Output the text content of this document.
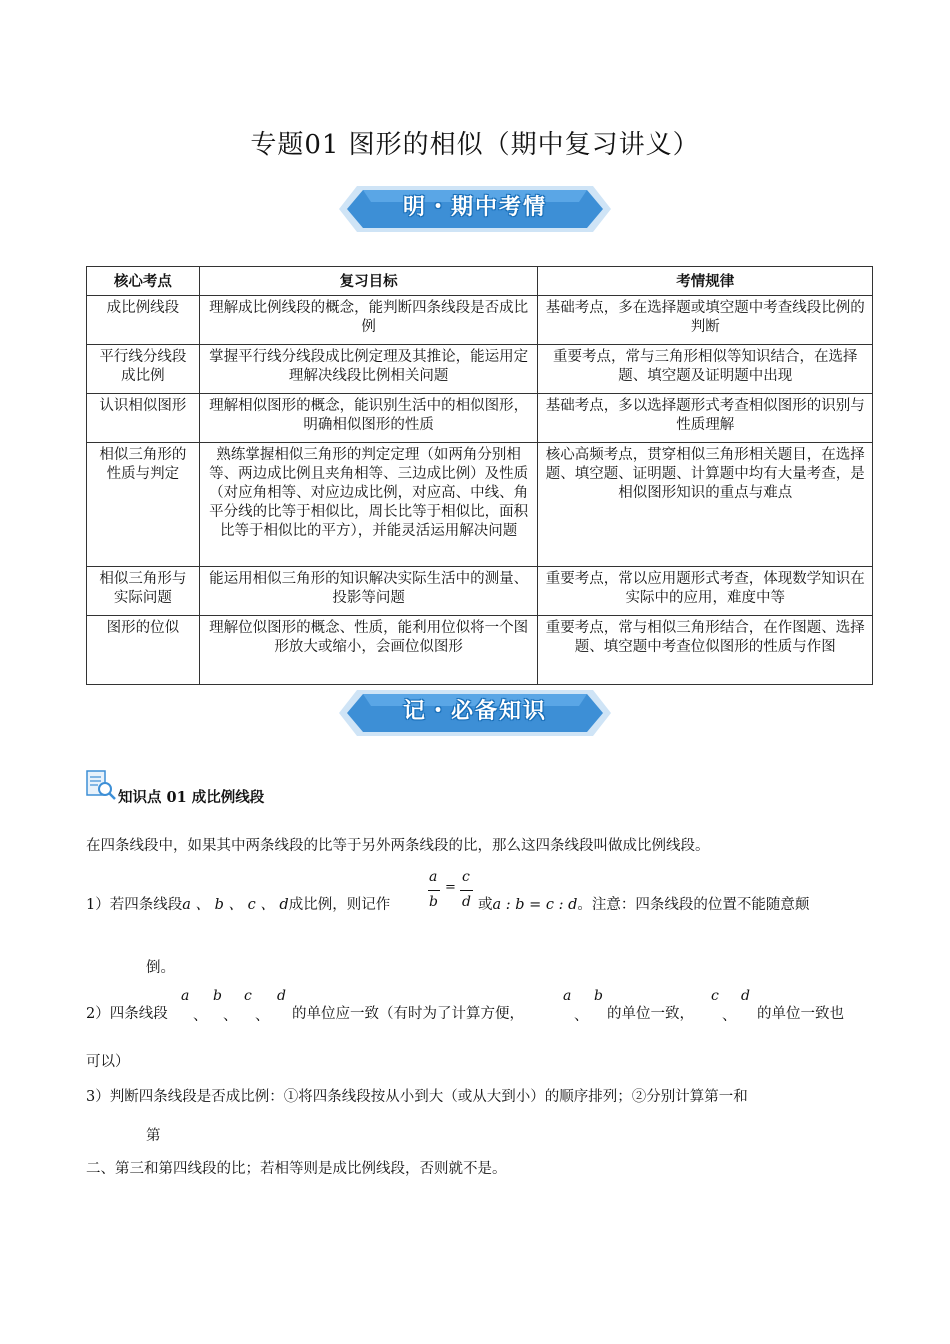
专题01 图形的相似（期中复习讲义）
明・期中考情
核心考点	复习目标	考情规律
成比例线段	理解成比例线段的概念，能判断四条线段是否成比例	基础考点，多在选择题或填空题中考查线段比例的判断
平行线分线段成比例	掌握平行线分线段成比例定理及其推论，能运用定理解决线段比例相关问题	重要考点，常与三角形相似等知识结合，在选择题、填空题及证明题中出现
认识相似图形	理解相似图形的概念，能识别生活中的相似图形，明确相似图形的性质	基础考点，多以选择题形式考查相似图形的识别与性质理解
相似三角形的性质与判定	熟练掌握相似三角形的判定定理（如两角分别相等、两边成比例且夹角相等、三边成比例）及性质（对应角相等、对应边成比例，对应高、中线、角平分线的比等于相似比，周长比等于相似比，面积比等于相似比的平方），并能灵活运用解决问题	核心高频考点，贯穿相似三角形相关题目，在选择题、填空题、证明题、计算题中均有大量考查，是相似图形知识的重点与难点
相似三角形与实际问题	能运用相似三角形的知识解决实际生活中的测量、投影等问题	重要考点，常以应用题形式考查，体现数学知识在实际中的应用，难度中等
图形的位似	理解位似图形的概念、性质，能利用位似将一个图形放大或缩小，会画位似图形	重要考点，常与相似三角形结合，在作图题、选择题、填空题中考查位似图形的性质与作图
记・必备知识
知识点 01 成比例线段
在四条线段中，如果其中两条线段的比等于另外两条线段的比，那么这四条线段叫做成比例线段。
1）若四条线段a 、 b 、 c 、 d成比例，则记作
a
b
=
c
d 或a : b = c : d。注意：四条线段的位置不能随意颠
倒。
2）四条线段
a
、
b
、
c
、
d
的单位应一致（有时为了计算方便，
a
、
b
的单位一致，
c
、
d
的单位一致也
可以）
3）判断四条线段是否成比例：①将四条线段按从小到大（或从大到小）的顺序排列；②分别计算第一和
第
二、第三和第四线段的比；若相等则是成比例线段，否则就不是。
